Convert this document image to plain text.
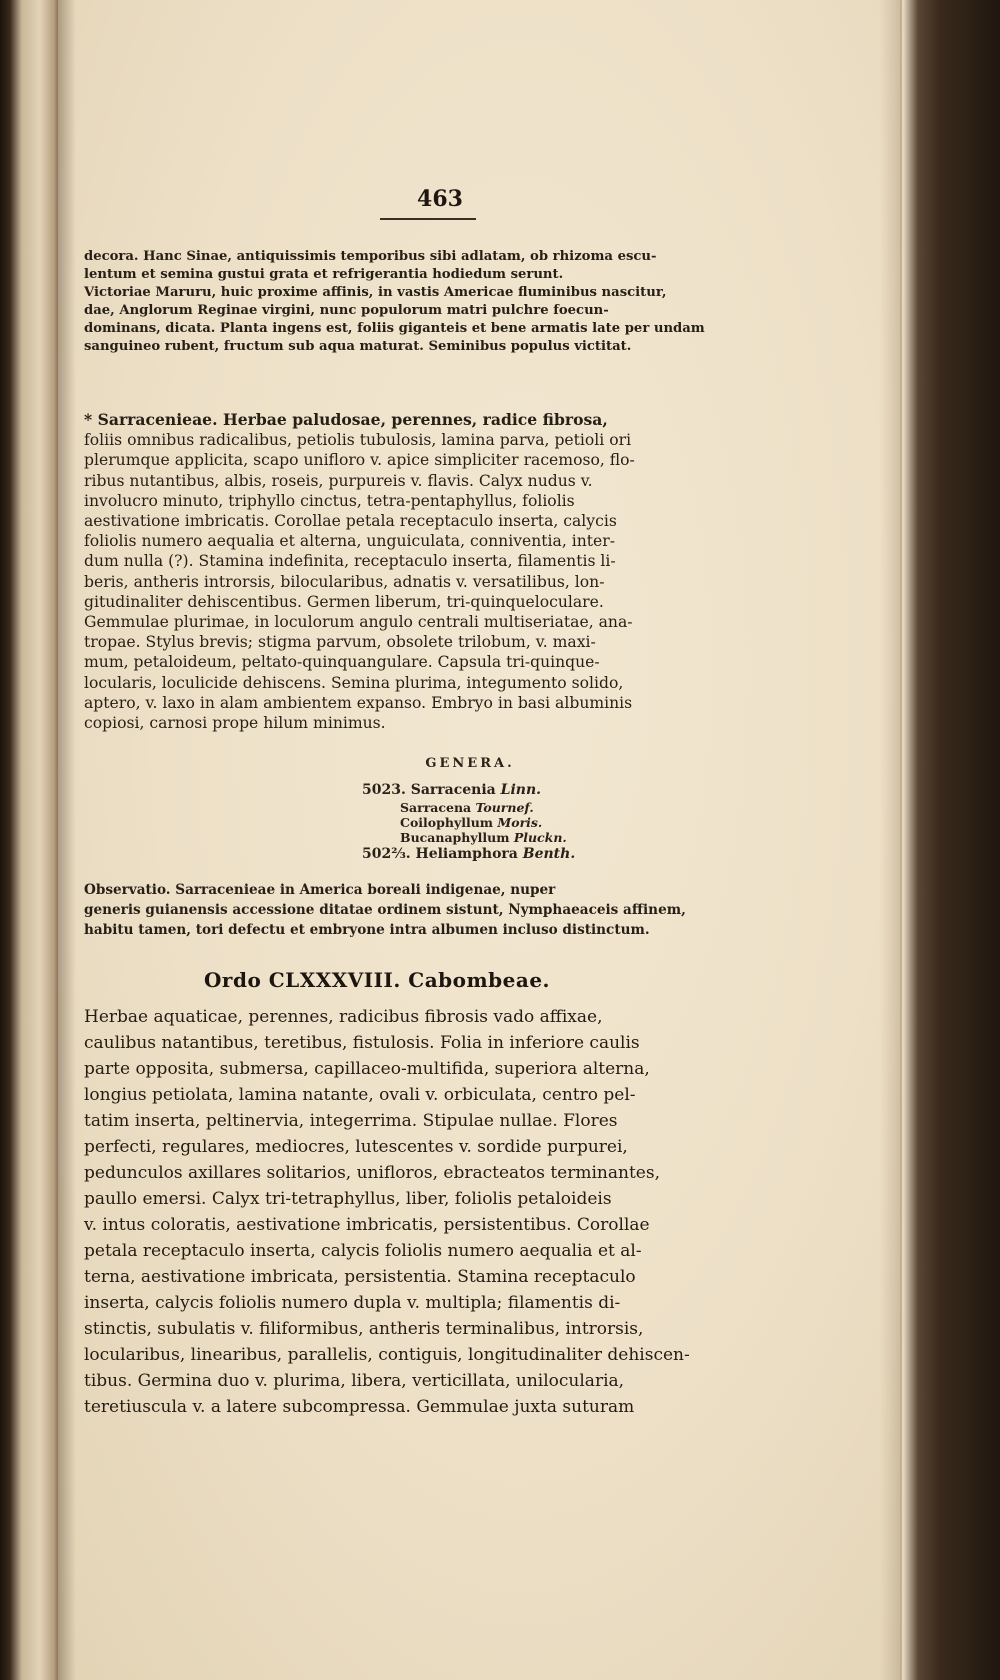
463
decora. Hanc Sinae, antiquissimis temporibus sibi adlatam, ob rhizoma escu-
lentum et semina gustui grata et refrigerantia hodiedum serunt.
Victoriae Maruru, huic proxime affinis, in vastis Americae fluminibus nascitur,
dae, Anglorum Reginae virgini, nunc populorum matri pulchre foecun-
dominans, dicata. Planta ingens est, foliis giganteis et bene armatis late per undam
sanguineo rubent, fructum sub aqua maturat. Seminibus populus victitat.
* Sarracenieae. Herbae paludosae, perennes, radice fibrosa,
foliis omnibus radicalibus, petiolis tubulosis, lamina parva, petioli ori
plerumque applicita, scapo unifloro v. apice simpliciter racemoso, flo-
ribus nutantibus, albis, roseis, purpureis v. flavis. Calyx nudus v.
involucro minuto, triphyllo cinctus, tetra-pentaphyllus, foliolis
aestivatione imbricatis. Corollae petala receptaculo inserta, calycis
foliolis numero aequalia et alterna, unguiculata, conniventia, inter-
dum nulla (?). Stamina indefinita, receptaculo inserta, filamentis li-
beris, antheris introrsis, bilocularibus, adnatis v. versatilibus, lon-
gitudinaliter dehiscentibus. Germen liberum, tri-quinqueloculare.
Gemmulae plurimae, in loculorum angulo centrali multiseriatae, ana-
tropae. Stylus brevis; stigma parvum, obsolete trilobum, v. maxi-
mum, petaloideum, peltato-quinquangulare. Capsula tri-quinque-
locularis, loculicide dehiscens. Semina plurima, integumento solido,
aptero, v. laxo in alam ambientem expanso. Embryo in basi albuminis
copiosi, carnosi prope hilum minimus.
GENERA.
5023. Sarracenia Linn.
Sarracena Tournef.
Coilophyllum Moris.
Bucanaphyllum Pluckn.
502⅔. Heliamphora Benth.
Observatio. Sarracenieae in America boreali indigenae, nuper
generis guianensis accessione ditatae ordinem sistunt, Nymphaeaceis affinem,
habitu tamen, tori defectu et embryone intra albumen incluso distinctum.
Ordo CLXXXVIII. Cabombeae.
Herbae aquaticae, perennes, radicibus fibrosis vado affixae,
caulibus natantibus, teretibus, fistulosis. Folia in inferiore caulis
parte opposita, submersa, capillaceo-multifida, superiora alterna,
longius petiolata, lamina natante, ovali v. orbiculata, centro pel-
tatim inserta, peltinervia, integerrima. Stipulae nullae. Flores
perfecti, regulares, mediocres, lutescentes v. sordide purpurei,
pedunculos axillares solitarios, unifloros, ebracteatos terminantes,
paullo emersi. Calyx tri-tetraphyllus, liber, foliolis petaloideis
v. intus coloratis, aestivatione imbricatis, persistentibus. Corollae
petala receptaculo inserta, calycis foliolis numero aequalia et al-
terna, aestivatione imbricata, persistentia. Stamina receptaculo
inserta, calycis foliolis numero dupla v. multipla; filamentis di-
stinctis, subulatis v. filiformibus, antheris terminalibus, introrsis,
locularibus, linearibus, parallelis, contiguis, longitudinaliter dehiscen-
tibus. Germina duo v. plurima, libera, verticillata, unilocularia,
teretiuscula v. a latere subcompressa. Gemmulae juxta suturam
